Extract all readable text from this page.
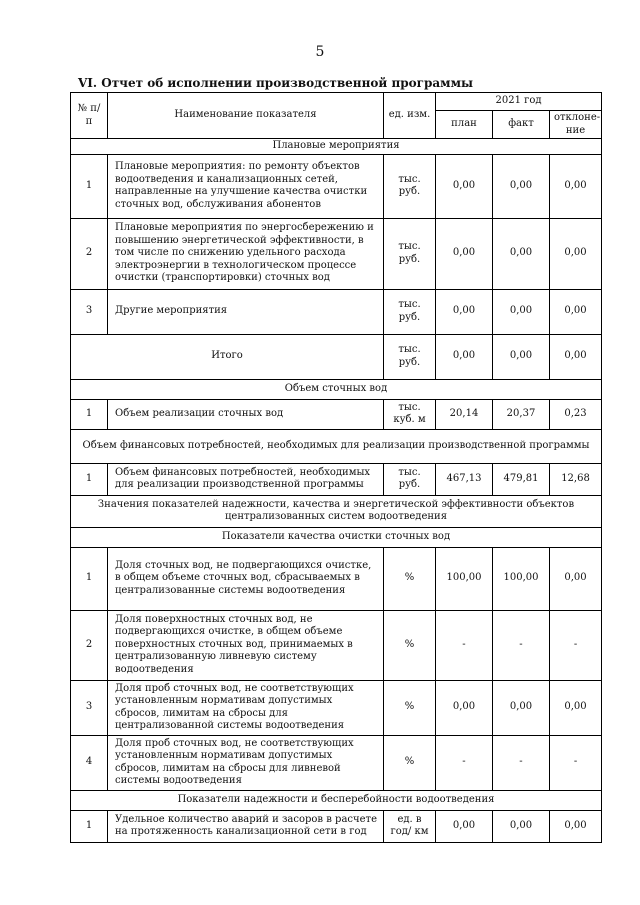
5
VI. Отчет об исполнении производственной программы
№ п/п	Наименование показателя	ед. изм.	2021 год		
			план	факт	отклоне-ние
Плановые мероприятия					
1	Плановые мероприятия: по ремонту объектов водоотведения и канализационных сетей, направленные на улучшение качества очистки сточных вод, обслуживания абонентов	тыс. руб.	0,00	0,00	0,00
2	Плановые мероприятия по энергосбережению и повышению энергетической эффективности, в том числе по снижению удельного расхода электроэнергии в технологическом процессе очистки (транспортировки) сточных вод	тыс. руб.	0,00	0,00	0,00
3	Другие мероприятия	тыс. руб.	0,00	0,00	0,00
Итого		тыс. руб.	0,00	0,00	0,00
Объем сточных вод					
1	Объем реализации сточных вод	тыс. куб. м	20,14	20,37	0,23
Объем финансовых потребностей, необходимых для реализации производственной программы					
1	Объем финансовых потребностей, необходимых для реализации производственной программы	тыс. руб.	467,13	479,81	12,68
Значения показателей надежности, качества и энергетической эффективности объектов централизованных систем водоотведения					
Показатели качества очистки сточных вод					
1	Доля сточных вод, не подвергающихся очистке, в общем объеме сточных вод, сбрасываемых в централизованные системы водоотведения	%	100,00	100,00	0,00
2	Доля поверхностных сточных вод, не подвергающихся очистке, в общем объеме поверхностных сточных вод, принимаемых в централизованную ливневую систему водоотведения	%	-	-	-
3	Доля проб сточных вод, не соответствующих установленным нормативам допустимых сбросов, лимитам на сбросы для централизованной системы водоотведения	%	0,00	0,00	0,00
4	Доля проб сточных вод, не соответствующих установленным нормативам допустимых сбросов, лимитам на сбросы для ливневой системы водоотведения	%	-	-	-
Показатели надежности и бесперебойности водоотведения					
1	Удельное количество аварий и засоров в расчете на протяженность канализационной сети в год	ед. в год/ км	0,00	0,00	0,00
